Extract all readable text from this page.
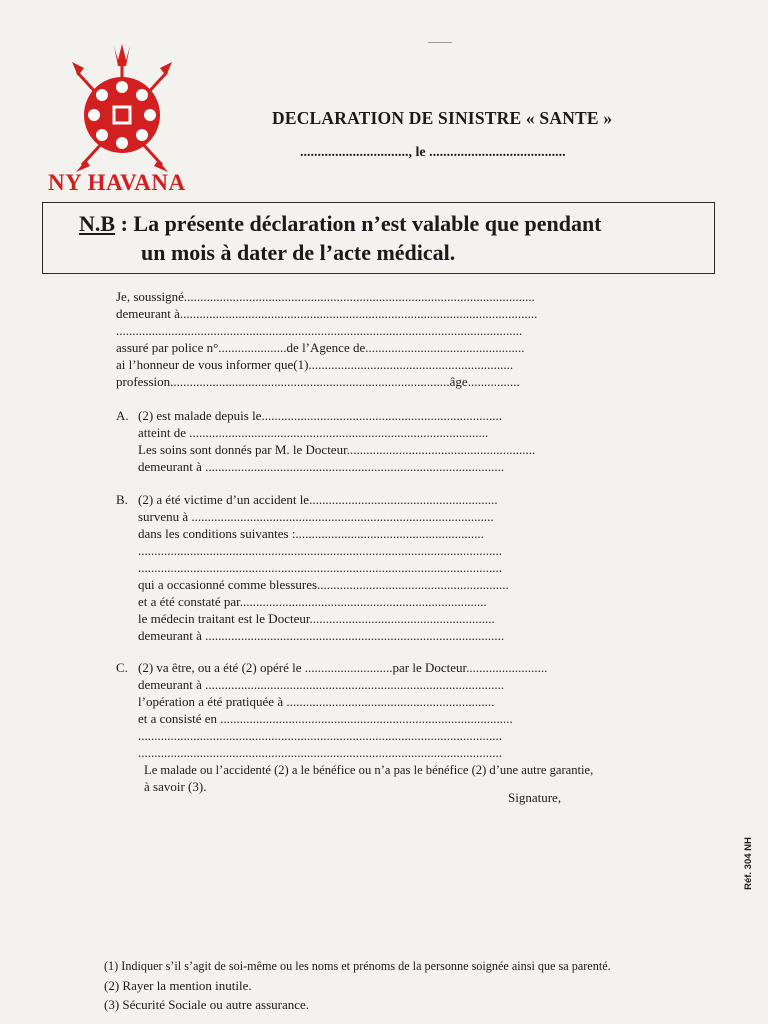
NY HAVANA
DECLARATION DE SINISTRE « SANTE »
..............................., le .......................................
N.B : La présente déclaration n’est valable que pendant
un mois à dater de l’acte médical.
Je, soussigné............................................................................................................
demeurant à..............................................................................................................
.............................................................................................................................
assuré par police n°.....................de l’Agence de.................................................
ai l’honneur de vous informer que(1)...............................................................
profession......................................................................................âge................
A. (2) est malade depuis le..........................................................................
atteint de ............................................................................................
Les soins sont donnés par M. le Docteur..........................................................
demeurant à ............................................................................................
B. (2) a été victime d’un accident le..........................................................
survenu à .............................................................................................
dans les conditions suivantes :..........................................................
................................................................................................................
................................................................................................................
qui a occasionné comme blessures...........................................................
et a été constaté par............................................................................
le médecin traitant est le Docteur.........................................................
demeurant à ............................................................................................
C. (2) va être, ou a été (2) opéré le ...........................par le Docteur.........................
demeurant à ............................................................................................
l’opération a été pratiquée à ................................................................
et a consisté en ..........................................................................................
................................................................................................................
................................................................................................................
Le malade ou l’accidenté (2) a le bénéfice ou n’a pas le bénéfice (2) d’une autre garantie,
à savoir (3).
Signature,
Réf. 304 NH
(1) Indiquer s’il s’agit de soi-même ou les noms et prénoms de la personne soignée ainsi que sa parenté.
(2) Rayer la mention inutile.
(3) Sécurité Sociale ou autre assurance.
